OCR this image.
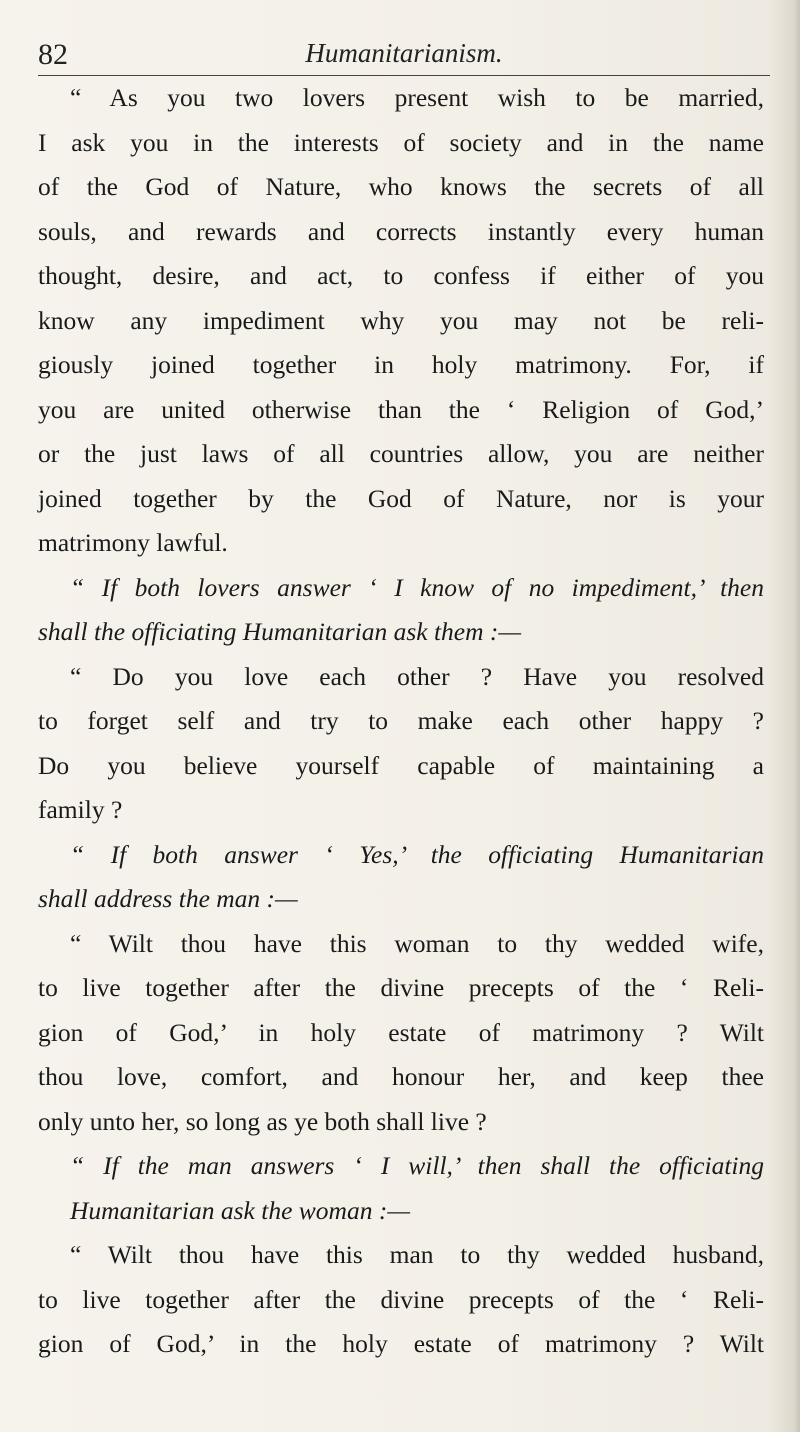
82	Humanitarianism.
“ As you two lovers present wish to be married,
I ask you in the interests of society and in the name
of the God of Nature, who knows the secrets of all
souls, and rewards and corrects instantly every human
thought, desire, and act, to confess if either of you
know any impediment why you may not be reli-
giously joined together in holy matrimony. For, if
you are united otherwise than the ‘ Religion of God,’
or the just laws of all countries allow, you are neither
joined together by the God of Nature, nor is your
matrimony lawful.
“ If both lovers answer ‘ I know of no impediment,’ then
shall the officiating Humanitarian ask them :—
“ Do you love each other ? Have you resolved
to forget self and try to make each other happy ?
Do you believe yourself capable of maintaining a
family ?
“ If both answer ‘ Yes,’ the officiating Humanitarian
shall address the man :—
“ Wilt thou have this woman to thy wedded wife,
to live together after the divine precepts of the ‘ Reli-
gion of God,’ in holy estate of matrimony ? Wilt
thou love, comfort, and honour her, and keep thee
only unto her, so long as ye both shall live ?
“ If the man answers ‘ I will,’ then shall the officiating
Humanitarian ask the woman :—
“ Wilt thou have this man to thy wedded husband,
to live together after the divine precepts of the ‘ Reli-
gion of God,’ in the holy estate of matrimony ? Wilt
